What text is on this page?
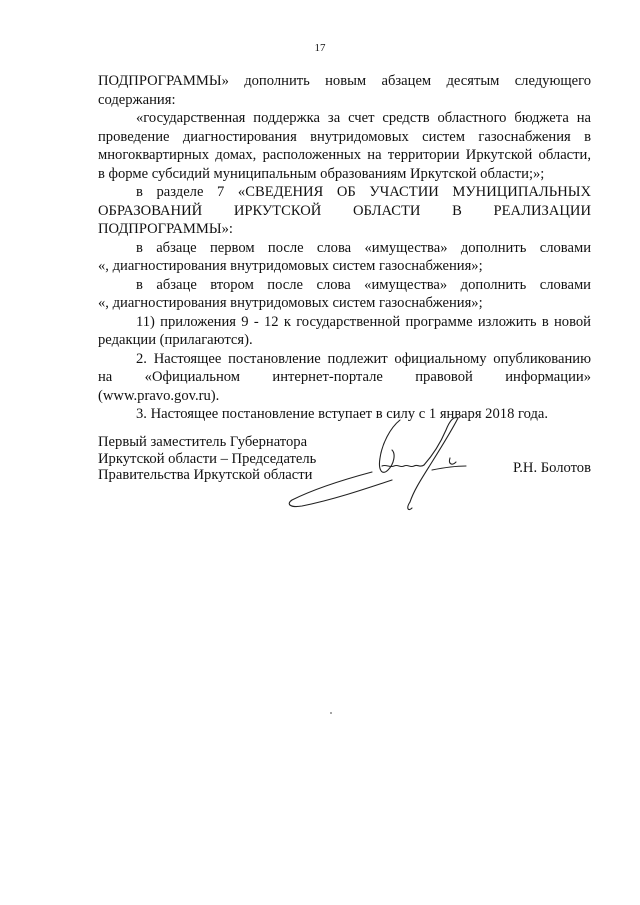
17

ПОДПРОГРАММЫ» дополнить новым абзацем десятым следующего

содержания:

«государственная поддержка за счет средств областного бюджета на

проведение диагностирования внутридомовых систем газоснабжения в

многоквартирных домах, расположенных на территории Иркутской области,

в форме субсидий муниципальным образованиям Иркутской области;»;

в разделе 7 «СВЕДЕНИЯ ОБ УЧАСТИИ МУНИЦИПАЛЬНЫХ

ОБРАЗОВАНИЙ ИРКУТСКОЙ ОБЛАСТИ В РЕАЛИЗАЦИИ

ПОДПРОГРАММЫ»:

в абзаце первом после слова «имущества» дополнить словами

«, диагностирования внутридомовых систем газоснабжения»;

в абзаце втором после слова «имущества» дополнить словами

«, диагностирования внутридомовых систем газоснабжения»;

11) приложения 9 - 12 к государственной программе изложить в новой

редакции (прилагаются).

2. Настоящее постановление подлежит официальному опубликованию

на «Официальном интернет-портале правовой информации»

(www.pravo.gov.ru).

3. Настоящее постановление вступает в силу с 1 января 2018 года.

Первый заместитель Губернатора
Иркутской области – Председатель
Правительства Иркутской области	Р.Н. Болотов
